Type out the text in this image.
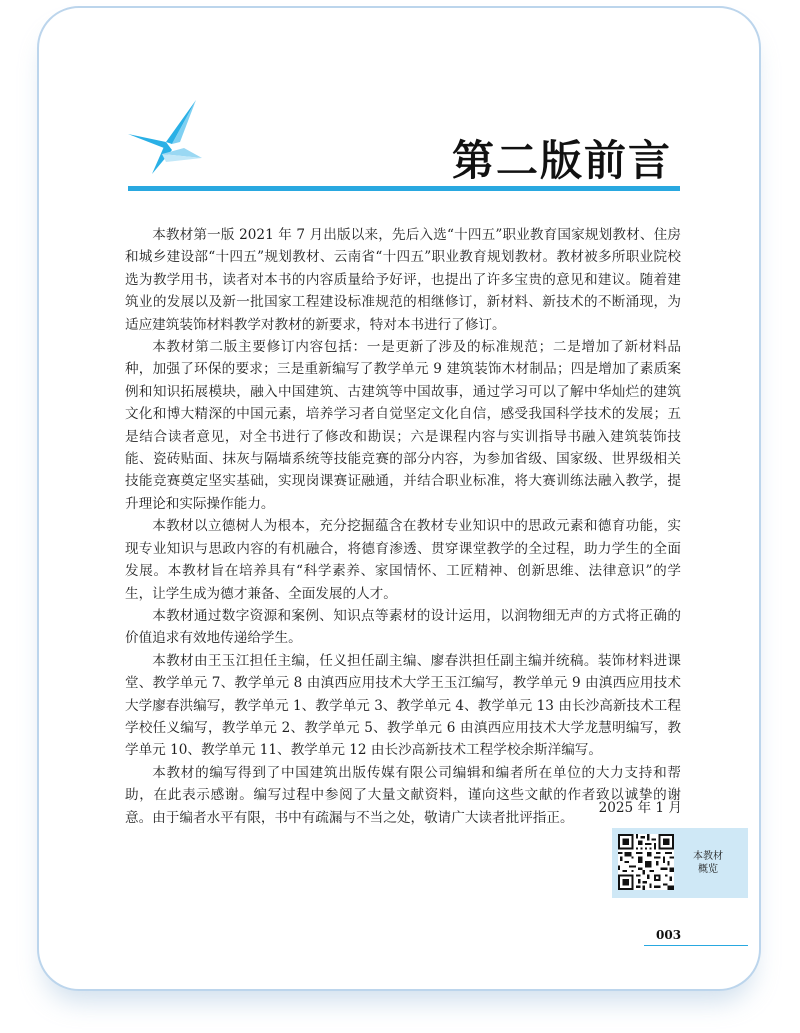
第二版前言

本教材第一版 2021 年 7 月出版以来，先后入选“十四五”职业教育国家规划教材、住房和城乡建设部“十四五”规划教材、云南省“十四五”职业教育规划教材。教材被多所职业院校选为教学用书，读者对本书的内容质量给予好评，也提出了许多宝贵的意见和建议。随着建筑业的发展以及新一批国家工程建设标准规范的相继修订，新材料、新技术的不断涌现，为适应建筑装饰材料教学对教材的新要求，特对本书进行了修订。

本教材第二版主要修订内容包括：一是更新了涉及的标准规范；二是增加了新材料品种，加强了环保的要求；三是重新编写了教学单元 9 建筑装饰木材制品；四是增加了素质案例和知识拓展模块，融入中国建筑、古建筑等中国故事，通过学习可以了解中华灿烂的建筑文化和博大精深的中国元素，培养学习者自觉坚定文化自信，感受我国科学技术的发展；五是结合读者意见，对全书进行了修改和勘误；六是课程内容与实训指导书融入建筑装饰技能、瓷砖贴面、抹灰与隔墙系统等技能竞赛的部分内容，为参加省级、国家级、世界级相关技能竞赛奠定坚实基础，实现岗课赛证融通，并结合职业标准，将大赛训练法融入教学，提升理论和实际操作能力。

本教材以立德树人为根本，充分挖掘蕴含在教材专业知识中的思政元素和德育功能，实现专业知识与思政内容的有机融合，将德育渗透、贯穿课堂教学的全过程，助力学生的全面发展。本教材旨在培养具有“科学素养、家国情怀、工匠精神、创新思维、法律意识”的学生，让学生成为德才兼备、全面发展的人才。

本教材通过数字资源和案例、知识点等素材的设计运用，以润物细无声的方式将正确的价值追求有效地传递给学生。

本教材由王玉江担任主编，任义担任副主编、廖春洪担任副主编并统稿。装饰材料进课堂、教学单元 7、教学单元 8 由滇西应用技术大学王玉江编写，教学单元 9 由滇西应用技术大学廖春洪编写，教学单元 1、教学单元 3、教学单元 4、教学单元 13 由长沙高新技术工程学校任义编写，教学单元 2、教学单元 5、教学单元 6 由滇西应用技术大学龙慧明编写，教学单元 10、教学单元 11、教学单元 12 由长沙高新技术工程学校余斯洋编写。

本教材的编写得到了中国建筑出版传媒有限公司编辑和编者所在单位的大力支持和帮助，在此表示感谢。编写过程中参阅了大量文献资料，谨向这些文献的作者致以诚挚的谢意。由于编者水平有限，书中有疏漏与不当之处，敬请广大读者批评指正。

2025 年 1 月
本教材
概览
003
